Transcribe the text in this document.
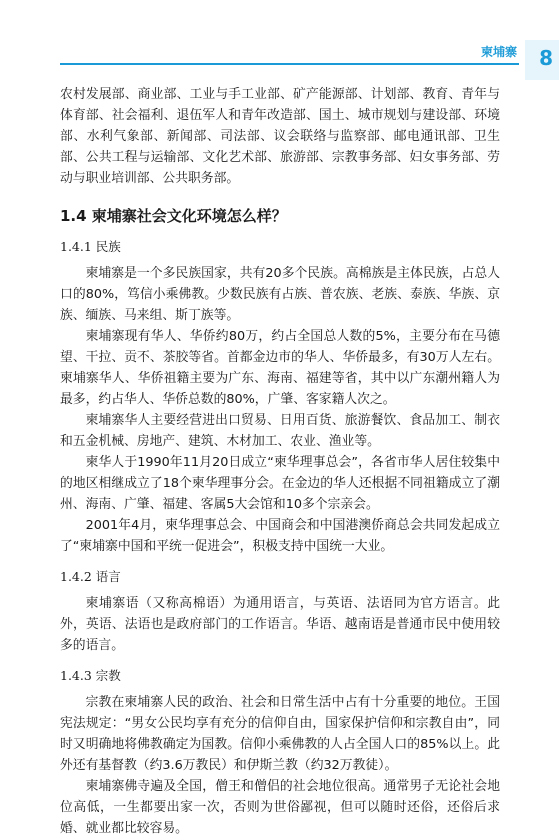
柬埔寨 8

农村发展部、商业部、工业与手工业部、矿产能源部、计划部、教育、青年与体育部、社会福利、退伍军人和青年改造部、国土、城市规划与建设部、环境部、水利气象部、新闻部、司法部、议会联络与监察部、邮电通讯部、卫生部、公共工程与运输部、文化艺术部、旅游部、宗教事务部、妇女事务部、劳动与职业培训部、公共职务部。

1.4 柬埔寨社会文化环境怎么样？
1.4.1 民族

柬埔寨是一个多民族国家，共有20多个民族。高棉族是主体民族，占总人口的80%，笃信小乘佛教。少数民族有占族、普农族、老族、泰族、华族、京族、缅族、马来组、斯丁族等。

柬埔寨现有华人、华侨约80万，约占全国总人数的5%，主要分布在马德望、干拉、贡不、茶胶等省。首都金边市的华人、华侨最多，有30万人左右。柬埔寨华人、华侨祖籍主要为广东、海南、福建等省，其中以广东潮州籍人为最多，约占华人、华侨总数的80%，广肇、客家籍人次之。

柬埔寨华人主要经营进出口贸易、日用百货、旅游餐饮、食品加工、制衣和五金机械、房地产、建筑、木材加工、农业、渔业等。

柬华人于1990年11月20日成立“柬华理事总会”，各省市华人居住较集中的地区相继成立了18个柬华理事分会。在金边的华人还根据不同祖籍成立了潮州、海南、广肇、福建、客属5大会馆和10多个宗亲会。

2001年4月，柬华理事总会、中国商会和中国港澳侨商总会共同发起成立了“柬埔寨中国和平统一促进会”，积极支持中国统一大业。

1.4.2 语言

柬埔寨语（又称高棉语）为通用语言，与英语、法语同为官方语言。此外，英语、法语也是政府部门的工作语言。华语、越南语是普通市民中使用较多的语言。

1.4.3 宗教

宗教在柬埔寨人民的政治、社会和日常生活中占有十分重要的地位。王国宪法规定：“男女公民均享有充分的信仰自由，国家保护信仰和宗教自由”，同时又明确地将佛教确定为国教。信仰小乘佛教的人占全国人口的85%以上。此外还有基督教（约3.6万教民）和伊斯兰教（约32万教徒）。

柬埔寨佛寺遍及全国，僧王和僧侣的社会地位很高。通常男子无论社会地位高低，一生都要出家一次，否则为世俗鄙视，但可以随时还俗，还俗后求婚、就业都比较容易。
